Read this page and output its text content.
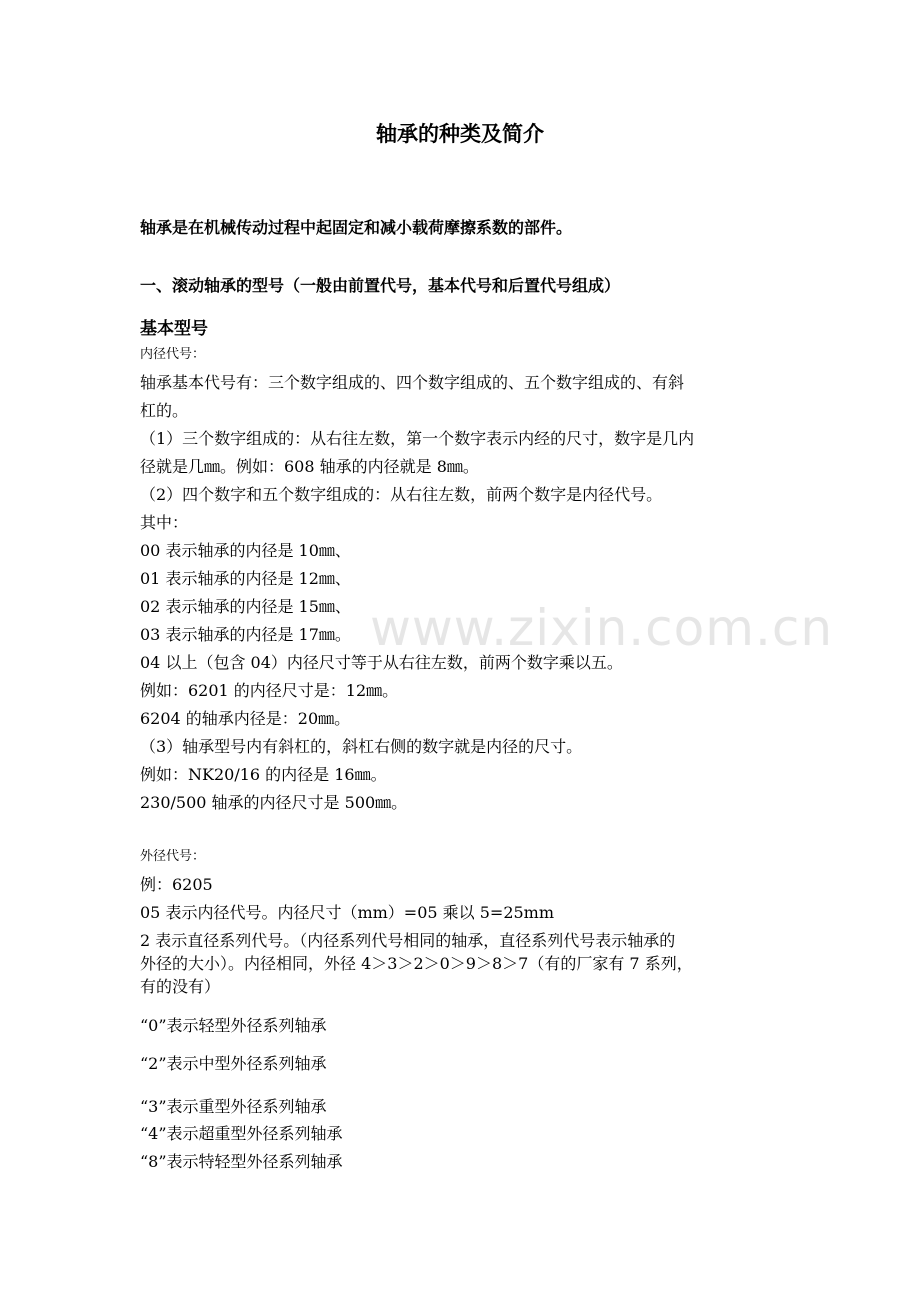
www.zixin.com.cn
轴承的种类及简介
轴承是在机械传动过程中起固定和减小载荷摩擦系数的部件。
一、滚动轴承的型号（一般由前置代号，基本代号和后置代号组成）
基本型号
内径代号：
轴承基本代号有：三个数字组成的、四个数字组成的、五个数字组成的、有斜
杠的。
（1）三个数字组成的：从右往左数，第一个数字表示内经的尺寸，数字是几内
径就是几㎜。例如：608 轴承的内径就是 8㎜。
（2）四个数字和五个数字组成的：从右往左数，前两个数字是内径代号。
其中：
00 表示轴承的内径是 10㎜、
01 表示轴承的内径是 12㎜、
02 表示轴承的内径是 15㎜、
03 表示轴承的内径是 17㎜。
04 以上（包含 04）内径尺寸等于从右往左数，前两个数字乘以五。
例如：6201 的内径尺寸是：12㎜。
6204 的轴承内径是：20㎜。
（3）轴承型号内有斜杠的，斜杠右侧的数字就是内径的尺寸。
例如：NK20/16 的内径是 16㎜。
230/500 轴承的内径尺寸是 500㎜。
外径代号：
例：6205
05 表示内径代号。内径尺寸（mm）=05 乘以 5=25mm
2 表示直径系列代号。（内径系列代号相同的轴承，直径系列代号表示轴承的
外径的大小）。内径相同，外径 4＞3＞2＞0＞9＞8＞7（有的厂家有 7 系列，
有的没有）
“0”表示轻型外径系列轴承
“2”表示中型外径系列轴承
“3”表示重型外径系列轴承
“4”表示超重型外径系列轴承
“8”表示特轻型外径系列轴承
